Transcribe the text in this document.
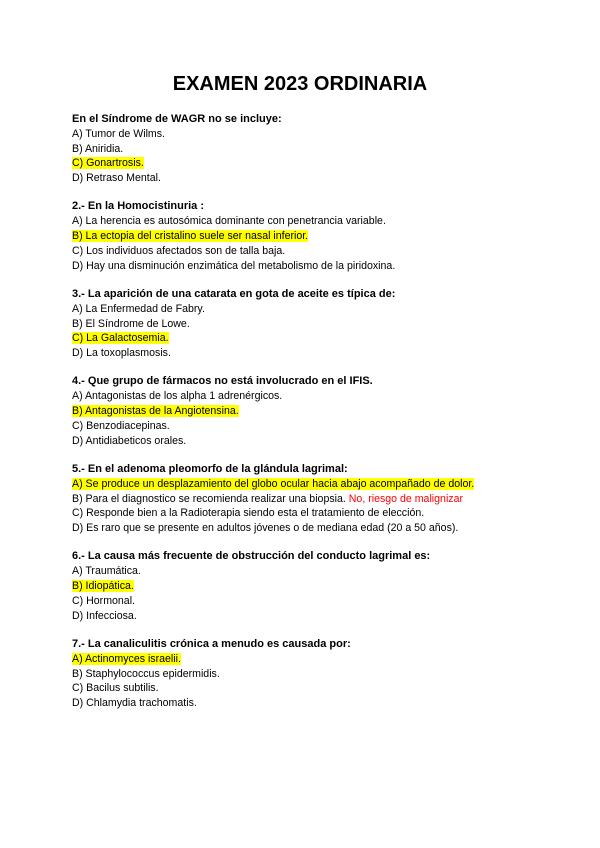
EXAMEN 2023 ORDINARIA
En el Síndrome de WAGR no se incluye:
A) Tumor de Wilms.
B) Aniridia.
C) Gonartrosis.
D) Retraso Mental.
2.- En la Homocistinuria :
A) La herencia es autosómica dominante con penetrancia variable.
B) La ectopia del cristalino suele ser nasal inferior.
C) Los individuos afectados son de talla baja.
D) Hay una disminución enzimática del metabolismo de la piridoxina.
3.- La aparición de una catarata en gota de aceite es típica de:
A) La Enfermedad de Fabry.
B) El Síndrome de Lowe.
C) La Galactosemia.
D) La toxoplasmosis.
4.- Que grupo de fármacos no está involucrado en el IFIS.
A) Antagonistas de los alpha 1 adrenérgicos.
B) Antagonistas de la Angiotensina.
C) Benzodiacepinas.
D) Antidiabeticos orales.
5.- En el adenoma pleomorfo de la glándula lagrimal:
A) Se produce un desplazamiento del globo ocular hacia abajo acompañado de dolor.
B) Para el diagnostico se recomienda realizar una biopsia. No, riesgo de malignizar
C) Responde bien a la Radioterapia siendo esta el tratamiento de elección.
D) Es raro que se presente en adultos jóvenes o de mediana edad (20 a 50 años).
6.- La causa más frecuente de obstrucción del conducto lagrimal es:
A) Traumática.
B) Idiopática.
C) Hormonal.
D) Infecciosa.
7.- La canaliculitis crónica a menudo es causada por:
A) Actinomyces israelii.
B) Staphylococcus epidermidis.
C) Bacilus subtilis.
D) Chlamydia trachomatis.
